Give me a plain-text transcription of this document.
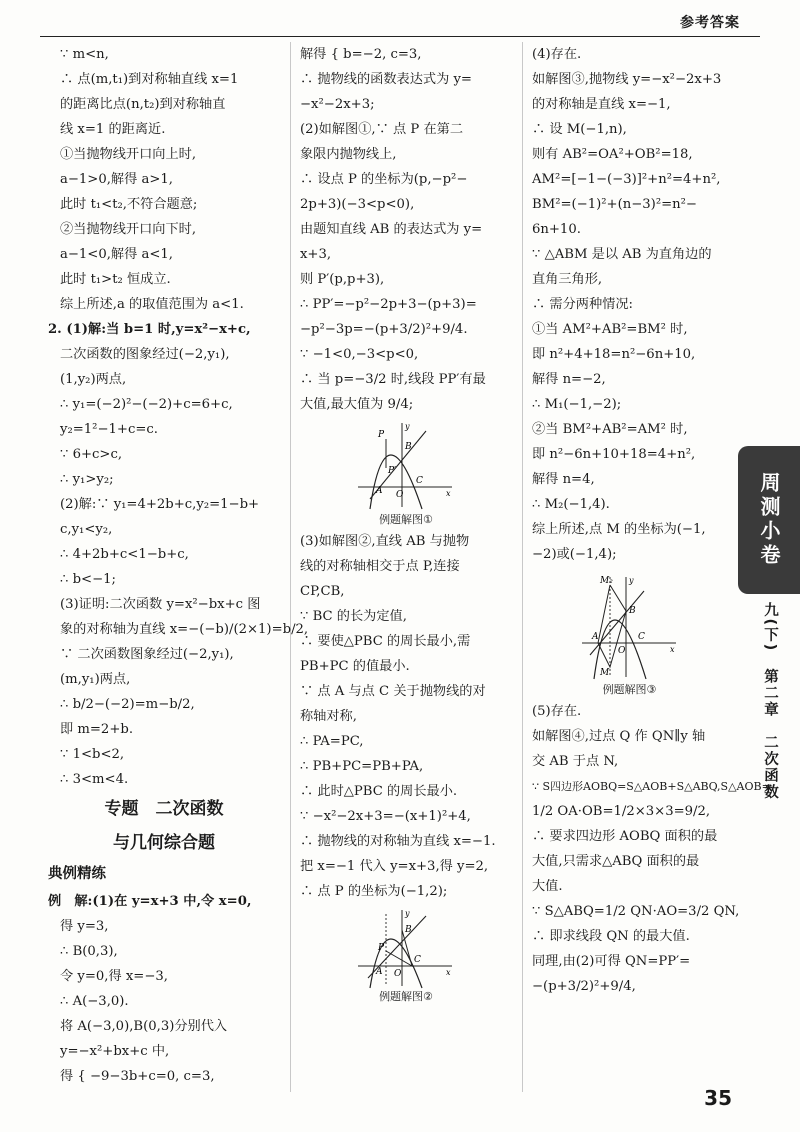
参考答案
∵ m<n,
∴ 点(m,t₁)到对称轴直线 x=1
的距离比点(n,t₂)到对称轴直
线 x=1 的距离近.
①当抛物线开口向上时,
a−1>0,解得 a>1,
此时 t₁<t₂,不符合题意;
②当抛物线开口向下时,
a−1<0,解得 a<1,
此时 t₁>t₂ 恒成立.
综上所述,a 的取值范围为 a<1.
2. (1)解:当 b=1 时,y=x²−x+c,
二次函数的图象经过(−2,y₁),
(1,y₂)两点,
∴ y₁=(−2)²−(−2)+c=6+c,
y₂=1²−1+c=c.
∵ 6+c>c,
∴ y₁>y₂;
(2)解:∵ y₁=4+2b+c,y₂=1−b+
c,y₁<y₂,
∴ 4+2b+c<1−b+c,
∴ b<−1;
(3)证明:二次函数 y=x²−bx+c 图
象的对称轴为直线 x=−(−b)/(2×1)=b/2,
∵ 二次函数图象经过(−2,y₁),
(m,y₁)两点,
∴ b/2−(−2)=m−b/2,
即 m=2+b.
∵ 1<b<2,
∴ 3<m<4.
专题　二次函数
与几何综合题
典例精练
例　解:(1)在 y=x+3 中,令 x=0,
得 y=3,
∴ B(0,3),
令 y=0,得 x=−3,
∴ A(−3,0).
将 A(−3,0),B(0,3)分别代入
y=−x²+bx+c 中,
得 { −9−3b+c=0, c=3,
解得 { b=−2, c=3,
∴ 抛物线的函数表达式为 y=
−x²−2x+3;
(2)如解图①,∵ 点 P 在第二
象限内抛物线上,
∴ 设点 P 的坐标为(p,−p²−
2p+3)(−3<p<0),
由题知直线 AB 的表达式为 y=
x+3,
则 P′(p,p+3),
∴ PP′=−p²−2p+3−(p+3)=
−p²−3p=−(p+3/2)²+9/4.
∵ −1<0,−3<p<0,
∴ 当 p=−3/2 时,线段 PP′有最
大值,最大值为 9/4;
A
B
C
O
P
P′
x
y
例题解图①
(3)如解图②,直线 AB 与抛物
线的对称轴相交于点 P,连接
CP,CB,
∵ BC 的长为定值,
∴ 要使△PBC 的周长最小,需
PB+PC 的值最小.
∵ 点 A 与点 C 关于抛物线的对
称轴对称,
∴ PA=PC,
∴ PB+PC=PB+PA,
∴ 此时△PBC 的周长最小.
∵ −x²−2x+3=−(x+1)²+4,
∴ 抛物线的对称轴为直线 x=−1.
把 x=−1 代入 y=x+3,得 y=2,
∴ 点 P 的坐标为(−1,2);
A
B
C
O
P
x
y
例题解图②
(4)存在.
如解图③,抛物线 y=−x²−2x+3
的对称轴是直线 x=−1,
∴ 设 M(−1,n),
则有 AB²=OA²+OB²=18,
AM²=[−1−(−3)]²+n²=4+n²,
BM²=(−1)²+(n−3)²=n²−
6n+10.
∵ △ABM 是以 AB 为直角边的
直角三角形,
∴ 需分两种情况:
①当 AM²+AB²=BM² 时,
即 n²+4+18=n²−6n+10,
解得 n=−2,
∴ M₁(−1,−2);
②当 BM²+AB²=AM² 时,
即 n²−6n+10+18=4+n²,
解得 n=4,
∴ M₂(−1,4).
综上所述,点 M 的坐标为(−1,
−2)或(−1,4);
A
B
C
O
M₂
M
x
y
例题解图③
(5)存在.
如解图④,过点 Q 作 QN∥y 轴
交 AB 于点 N,
∵ S四边形AOBQ=S△AOB+S△ABQ,S△AOB=
1/2 OA·OB=1/2×3×3=9/2,
∴ 要求四边形 AOBQ 面积的最
大值,只需求△ABQ 面积的最
大值.
∵ S△ABQ=1/2 QN·AO=3/2 QN,
∴ 即求线段 QN 的最大值.
同理,由(2)可得 QN=PP′=
−(p+3/2)²+9/4,
周测小卷
九(下)　第二章　二次函数
35
